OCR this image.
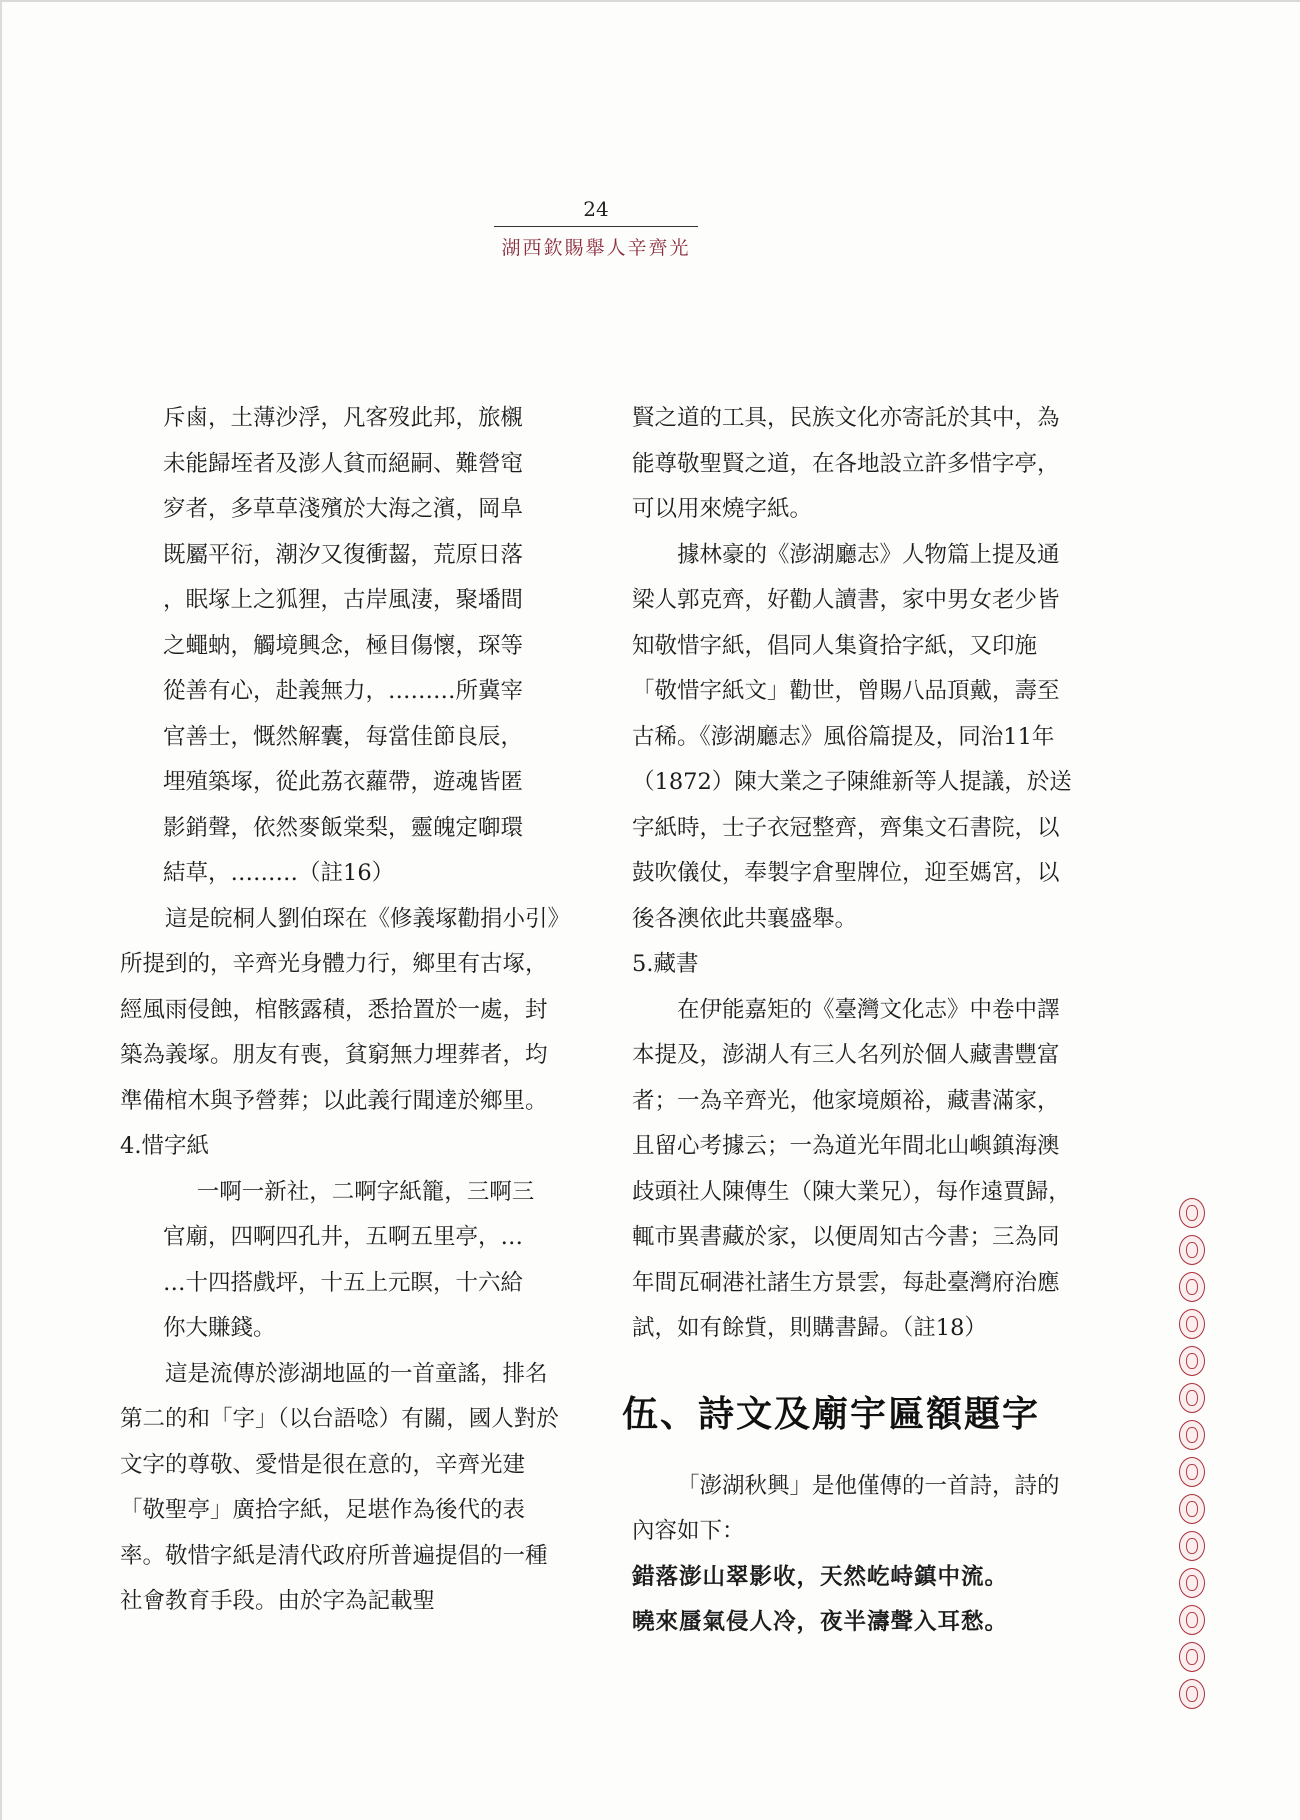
24
湖西欽賜舉人辛齊光

斥鹵，土薄沙浮，凡客歿此邦，旅櫬

未能歸垤者及澎人貧而絕嗣、難營窀

穸者，多草草淺殯於大海之濱，岡阜

既屬平衍，潮汐又復衝齧，荒原日落

，眠塚上之狐狸，古岸風淒，聚墦間

之蠅蚋，觸境興念，極目傷懷，琛等

從善有心，赴義無力，………所冀宰

官善士，慨然解囊，每當佳節良辰，

埋殖築塚，從此荔衣蘿帶，遊魂皆匿

影銷聲，依然麥飯棠梨，靈魄定啣環

結草，………（註16）

這是皖桐人劉伯琛在《修義塚勸捐小引》所提到的，辛齊光身體力行，鄉里有古塚，經風雨侵蝕，棺骸露積，悉拾置於一處，封築為義塚。朋友有喪，貧窮無力埋葬者，均準備棺木與予營葬；以此義行聞達於鄉里。

4.惜字紙

一啊一新社，二啊字紙籠，三啊三

官廟，四啊四孔井，五啊五里亭，…

…十四搭戲坪，十五上元瞑，十六給

你大賺錢。

這是流傳於澎湖地區的一首童謠，排名第二的和「字」（以台語唸）有關，國人對於文字的尊敬、愛惜是很在意的，辛齊光建「敬聖亭」廣拾字紙，足堪作為後代的表率。敬惜字紙是清代政府所普遍提倡的一種社會教育手段。由於字為記載聖

賢之道的工具，民族文化亦寄託於其中，為能尊敬聖賢之道，在各地設立許多惜字亭，可以用來燒字紙。

據林豪的《澎湖廳志》人物篇上提及通梁人郭克齊，好勸人讀書，家中男女老少皆知敬惜字紙，倡同人集資拾字紙，又印施「敬惜字紙文」勸世，曾賜八品頂戴，壽至古稀。《澎湖廳志》風俗篇提及，同治11年（1872）陳大業之子陳維新等人提議，於送字紙時，士子衣冠整齊，齊集文石書院，以鼓吹儀仗，奉製字倉聖牌位，迎至媽宮，以後各澳依此共襄盛舉。

5.藏書

在伊能嘉矩的《臺灣文化志》中卷中譯本提及，澎湖人有三人名列於個人藏書豐富者；一為辛齊光，他家境頗裕，藏書滿家，且留心考據云；一為道光年間北山嶼鎮海澳歧頭社人陳傳生（陳大業兄），每作遠賈歸，輒市異書藏於家，以便周知古今書；三為同年間瓦硐港社諸生方景雲，每赴臺灣府治應試，如有餘貲，則購書歸。（註18）

伍、詩文及廟宇匾額題字

「澎湖秋興」是他僅傳的一首詩，詩的內容如下：

錯落澎山翠影收，天然屹峙鎮中流。

曉來蜃氣侵人冷，夜半濤聲入耳愁。
